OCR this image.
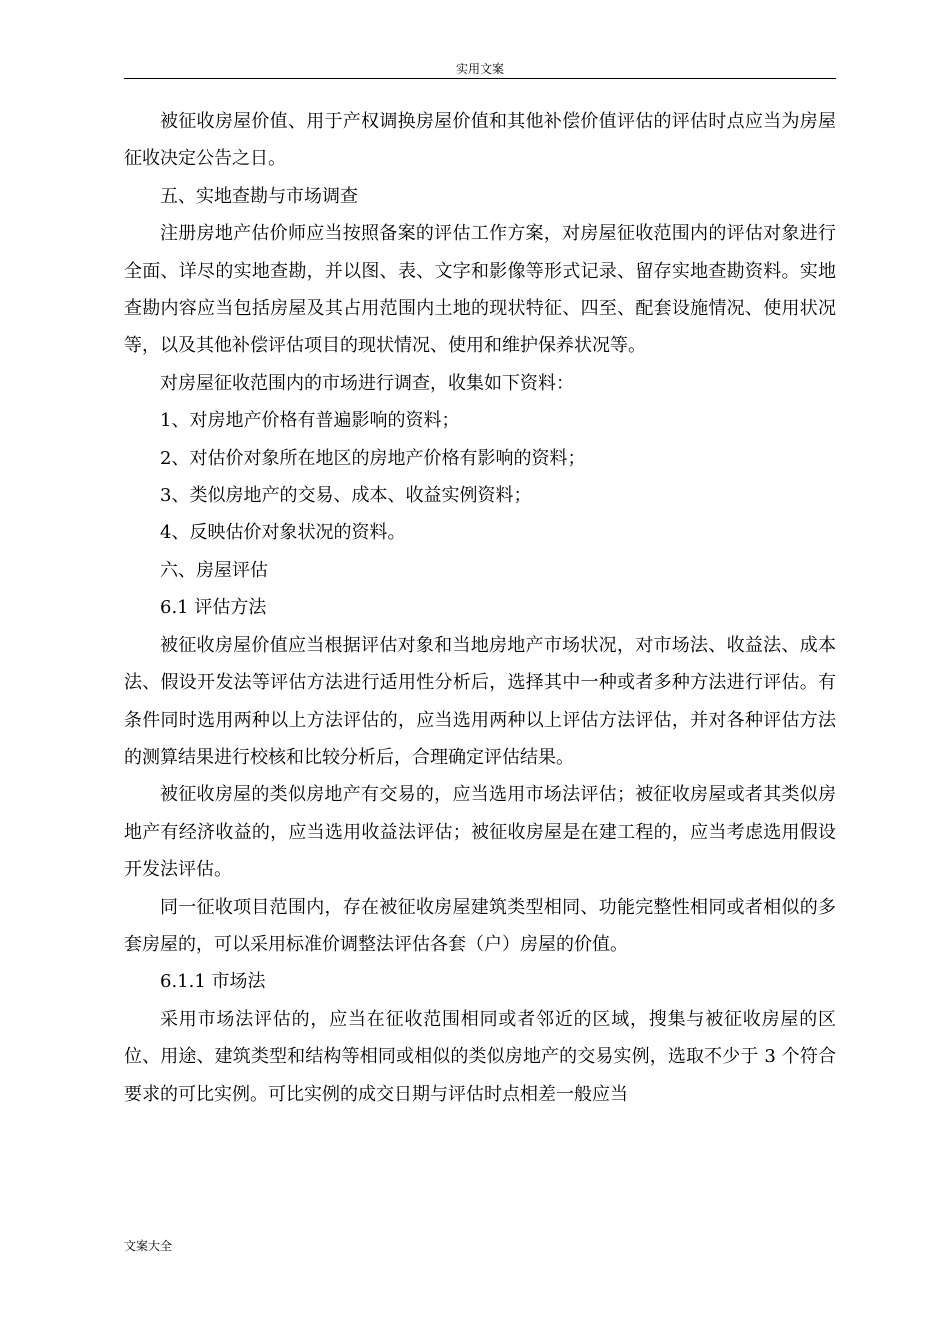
实用文案

被征收房屋价值、用于产权调换房屋价值和其他补偿价值评估的评估时点应当为房屋征收决定公告之日。

五、实地查勘与市场调查

注册房地产估价师应当按照备案的评估工作方案，对房屋征收范围内的评估对象进行全面、详尽的实地查勘，并以图、表、文字和影像等形式记录、留存实地查勘资料。实地查勘内容应当包括房屋及其占用范围内土地的现状特征、四至、配套设施情况、使用状况等，以及其他补偿评估项目的现状情况、使用和维护保养状况等。

对房屋征收范围内的市场进行调查，收集如下资料：

1、对房地产价格有普遍影响的资料；

2、对估价对象所在地区的房地产价格有影响的资料；

3、类似房地产的交易、成本、收益实例资料；

4、反映估价对象状况的资料。

六、房屋评估

6.1 评估方法

被征收房屋价值应当根据评估对象和当地房地产市场状况，对市场法、收益法、成本法、假设开发法等评估方法进行适用性分析后，选择其中一种或者多种方法进行评估。有条件同时选用两种以上方法评估的，应当选用两种以上评估方法评估，并对各种评估方法的测算结果进行校核和比较分析后，合理确定评估结果。

被征收房屋的类似房地产有交易的，应当选用市场法评估；被征收房屋或者其类似房地产有经济收益的，应当选用收益法评估；被征收房屋是在建工程的，应当考虑选用假设开发法评估。

同一征收项目范围内，存在被征收房屋建筑类型相同、功能完整性相同或者相似的多套房屋的，可以采用标准价调整法评估各套（户）房屋的价值。

6.1.1 市场法

采用市场法评估的，应当在征收范围相同或者邻近的区域，搜集与被征收房屋的区位、用途、建筑类型和结构等相同或相似的类似房地产的交易实例，选取不少于 3 个符合要求的可比实例。可比实例的成交日期与评估时点相差一般应当

文案大全
